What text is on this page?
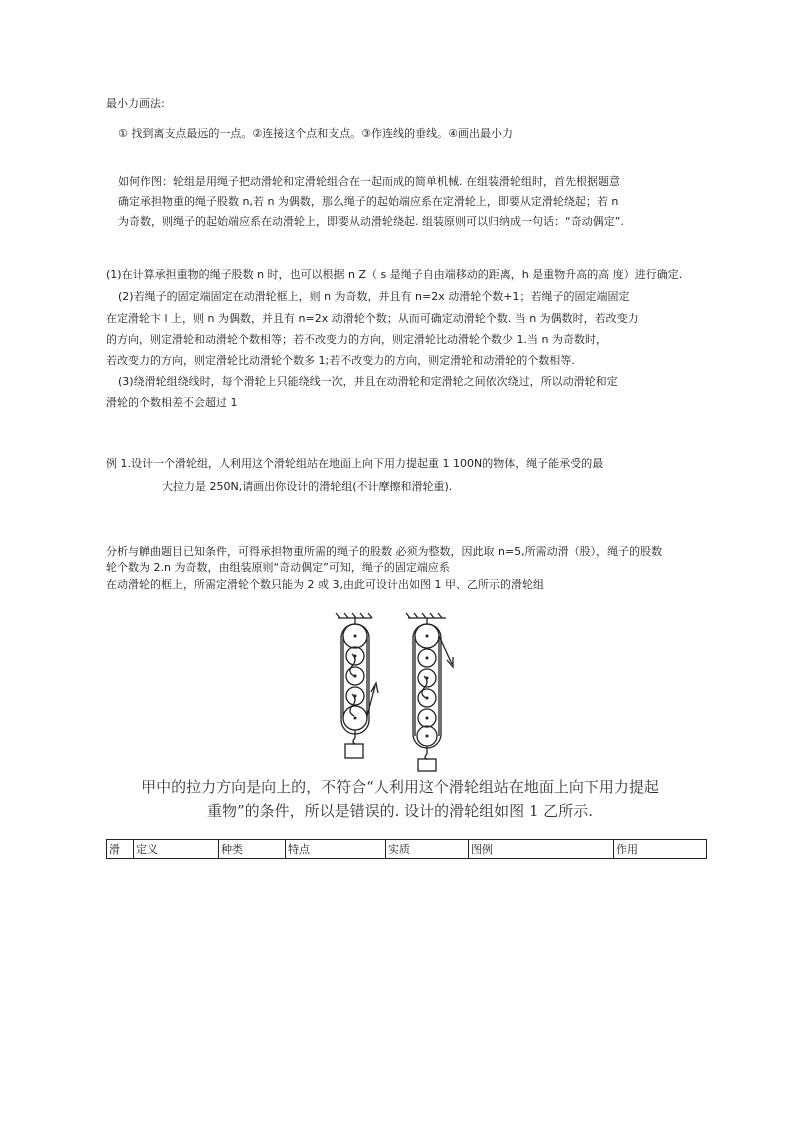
最小力画法:
① 找到离支点最远的一点。②连接这个点和支点。③作连线的垂线。④画出最小力
如何作图：轮组是用绳子把动滑轮和定滑轮组合在一起而成的简单机械. 在组装滑轮组时，首先根据题意
确定承担物重的绳子股数 n,若 n 为偶数，那么绳子的起始端应系在定滑轮上，即要从定滑轮绕起；若 n
为奇数，则绳子的起始端应系在动滑轮上，即要从动滑轮绕起. 组装原则可以归纳成一句话：“奇动偶定”.
(1)在计算承担重物的绳子股数 n 时，也可以根据 n Z（ s 是绳子自由端移动的距离，h 是重物升高的高 度）进行确定.
(2)若绳子的固定端固定在动滑轮框上，则 n 为奇数，并且有 n=2x 动滑轮个数+1；若绳子的固定端固定
在定滑轮卞 l 上，则 n 为偶数，并且有 n=2x 动滑轮个数；从而可确定动滑轮个数. 当 n 为偶数时，若改变力
的方向，则定滑轮和动滑轮个数相等；若不改变力的方向，则定滑轮比动滑轮个数少 1.当 n 为奇数时，
若改变力的方向，则定滑轮比动滑轮个数多 1;若不改变力的方向，则定滑轮和动滑轮的个数相等.
(3)绕滑轮组绕线时，每个滑轮上只能绕线一次，并且在动滑轮和定滑轮之间依次绕过，所以动滑轮和定
滑轮的个数相差不会超过 1
例 1.设计一个滑轮组，人利用这个滑轮组站在地面上向下用力提起重 1 100N的物体，绳子能承受的最
大拉力是 250N,请画出你设计的滑轮组(不计摩擦和滑轮重).
分析与觯曲题目已知条件，可得承担物重所需的绳子的股数 必须为整数，因此取 n=5,所需动滑（股），绳子的股数
轮个数为 2.n 为奇数，由组装原则“奇动偶定”可知，绳子的固定端应系
在动滑轮的框上，所需定滑轮个数只能为 2 或 3,由此可设计出如图 1 甲、乙所示的滑轮组
甲中的拉力方向是向上的，不符合“人利用这个滑轮组站在地面上向下用力提起
重物”的条件，所以是错误的. 设计的滑轮组如图 1 乙所示.
滑	定义	种类	特点	实质	图例	作用
